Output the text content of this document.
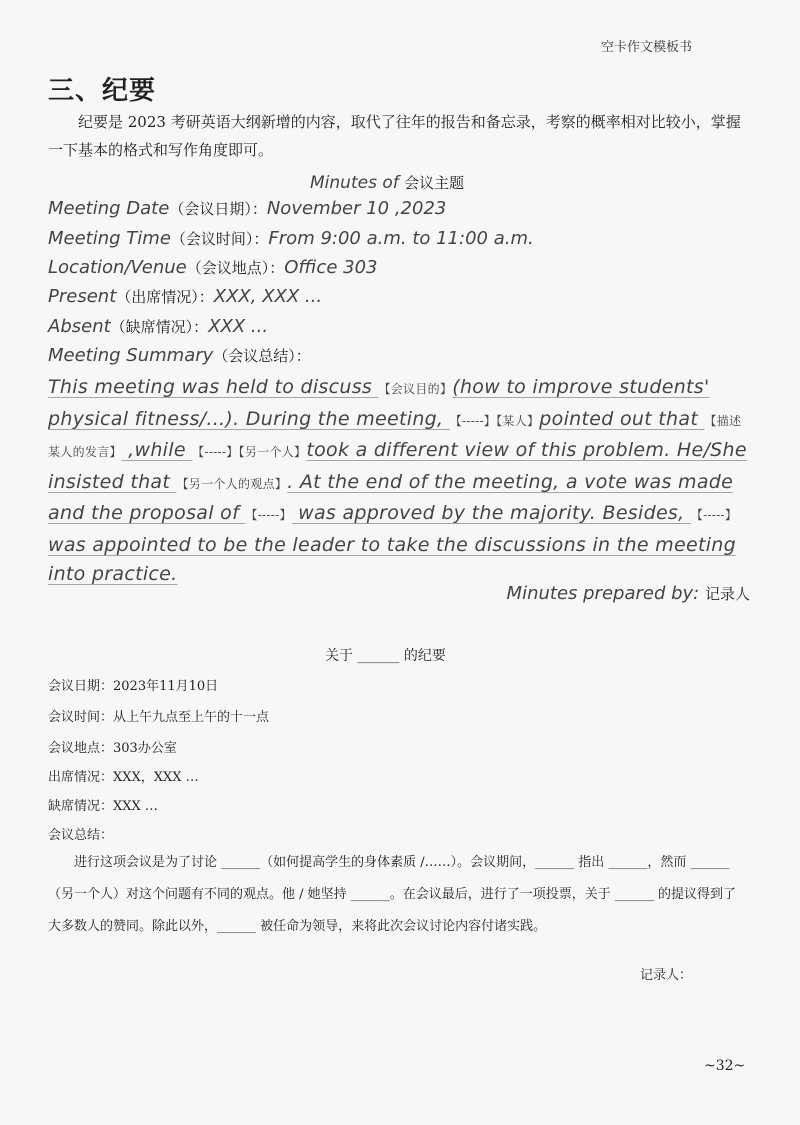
空卡作文模板书
三、纪要
纪要是 2023 考研英语大纲新增的内容，取代了往年的报告和备忘录，考察的概率相对比较小，掌握一下基本的格式和写作角度即可。
Minutes of 会议主题
Meeting Date（会议日期）：November 10 ,2023
Meeting Time（会议时间）：From 9:00 a.m. to 11:00 a.m.
Location/Venue（会议地点）：Office 303
Present（出席情况）：XXX, XXX ...
Absent（缺席情况）：XXX ...
Meeting Summary（会议总结）：
This meeting was held to discuss 【会议目的】(how to improve students' physical fitness/...). During the meeting, 【-----】【某人】pointed out that 【描述某人的发言】 ,while 【-----】【另一个人】took a different view of this problem. He/She insisted that 【另一个人的观点】. At the end of the meeting, a vote was made and the proposal of 【-----】 was approved by the majority. Besides, 【-----】 was appointed to be the leader to take the discussions in the meeting into practice.
Minutes prepared by: 记录人
关于 ______ 的纪要
会议日期：2023年11月10日
会议时间：从上午九点至上午的十一点
会议地点：303办公室
出席情况：XXX，XXX …
缺席情况：XXX …
会议总结：
进行这项会议是为了讨论 ______（如何提高学生的身体素质 /……）。会议期间，______ 指出 ______，然而 ______（另一个人）对这个问题有不同的观点。他 / 她坚持 ______。在会议最后，进行了一项投票，关于 ______ 的提议得到了大多数人的赞同。除此以外，______ 被任命为领导，来将此次会议讨论内容付诸实践。
记录人：
~32~
